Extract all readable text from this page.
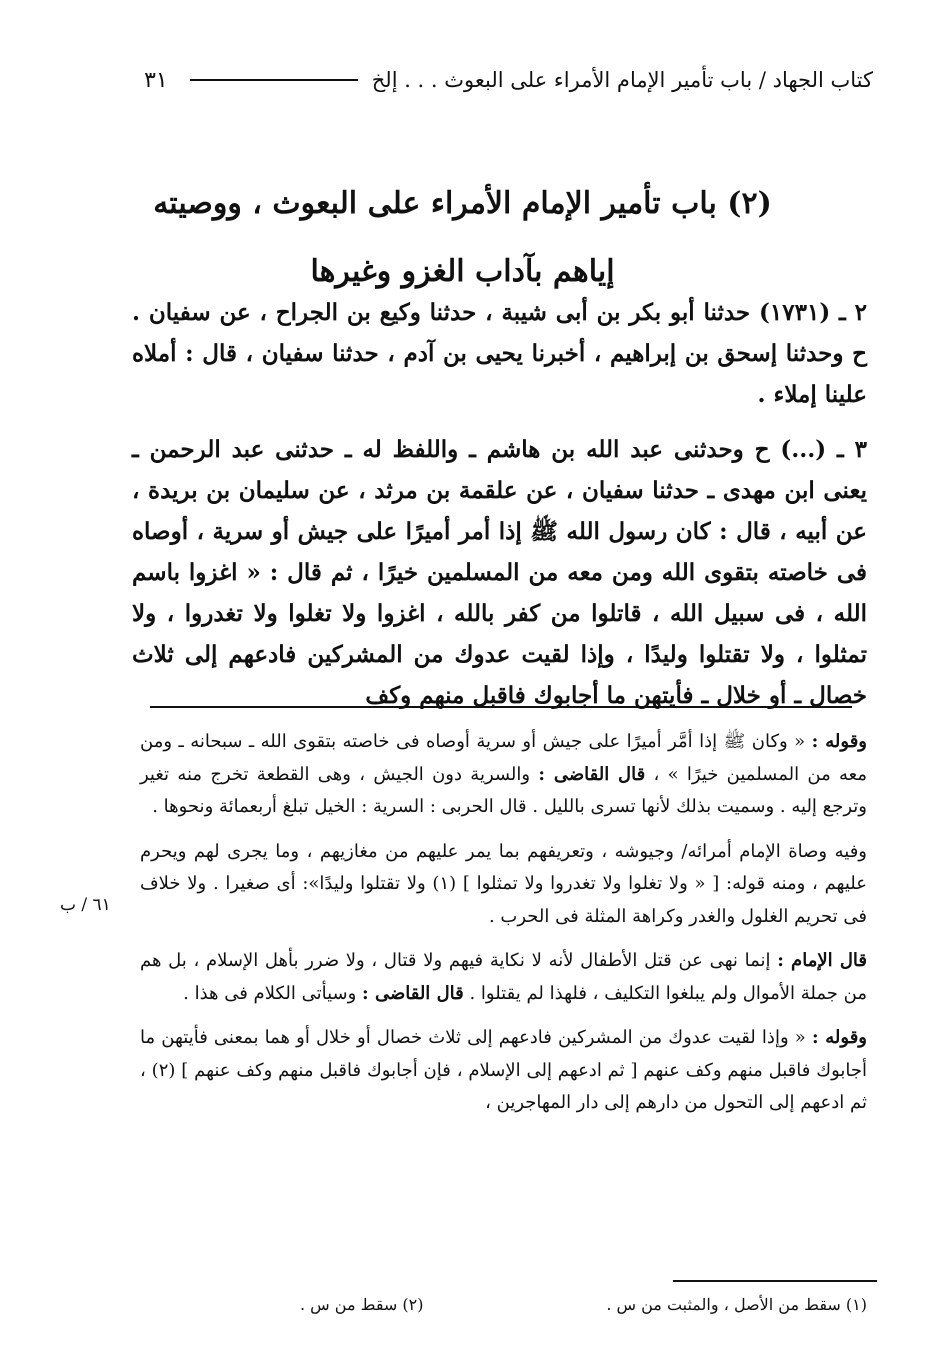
كتاب الجهاد / باب تأمير الإمام الأمراء على البعوث . . . إلخ
٣١
(٢) باب تأمير الإمام الأمراء على البعوث ، ووصيته
إياهم بآداب الغزو وغيرها

٢ ـ (١٧٣١) حدثنا أبو بكر بن أبى شيبة ، حدثنا وكيع بن الجراح ، عن سفيان . ح وحدثنا إسحق بن إبراهيم ، أخبرنا يحيى بن آدم ، حدثنا سفيان ، قال : أملاه علينا إملاء .

٣ ـ (...) ح وحدثنى عبد الله بن هاشم ـ واللفظ له ـ حدثنى عبد الرحمن ـ يعنى ابن مهدى ـ حدثنا سفيان ، عن علقمة بن مرثد ، عن سليمان بن بريدة ، عن أبيه ، قال : كان رسول الله ﷺ إذا أمر أميرًا على جيش أو سرية ، أوصاه فى خاصته بتقوى الله ومن معه من المسلمين خيرًا ، ثم قال : « اغزوا باسم الله ، فى سبيل الله ، قاتلوا من كفر بالله ، اغزوا ولا تغلوا ولا تغدروا ، ولا تمثلوا ، ولا تقتلوا وليدًا ، وإذا لقيت عدوك من المشركين فادعهم إلى ثلاث خصال ـ أو خلال ـ فأيتهن ما أجابوك فاقبل منهم وكف

وقوله : « وكان ﷺ إذا أمَّر أميرًا على جيش أو سرية أوصاه فى خاصته بتقوى الله ـ سبحانه ـ ومن معه من المسلمين خيرًا » ، قال القاضى : والسرية دون الجيش ، وهى القطعة تخرج منه تغير وترجع إليه . وسميت بذلك لأنها تسرى بالليل . قال الحربى : السرية : الخيل تبلغ أربعمائة ونحوها .

وفيه وصاة الإمام أمرائه/ وجيوشه ، وتعريفهم بما يمر عليهم من مغازيهم ، وما يجرى لهم ويحرم عليهم ، ومنه قوله: [ « ولا تغلوا ولا تغدروا ولا تمثلوا ] (١) ولا تقتلوا وليدًا»: أى صغيرا . ولا خلاف فى تحريم الغلول والغدر وكراهة المثلة فى الحرب .

قال الإمام : إنما نهى عن قتل الأطفال لأنه لا نكاية فيهم ولا قتال ، ولا ضرر بأهل الإسلام ، بل هم من جملة الأموال ولم يبلغوا التكليف ، فلهذا لم يقتلوا . قال القاضى : وسيأتى الكلام فى هذا .

وقوله : « وإذا لقيت عدوك من المشركين فادعهم إلى ثلاث خصال أو خلال أو هما بمعنى فأيتهن ما أجابوك فاقبل منهم وكف عنهم [ ثم ادعهم إلى الإسلام ، فإن أجابوك فاقبل منهم وكف عنهم ] (٢) ، ثم ادعهم إلى التحول من دارهم إلى دار المهاجرين ،

٦١ / ب
(١) سقط من الأصل ، والمثبت من س .
(٢) سقط من س .
